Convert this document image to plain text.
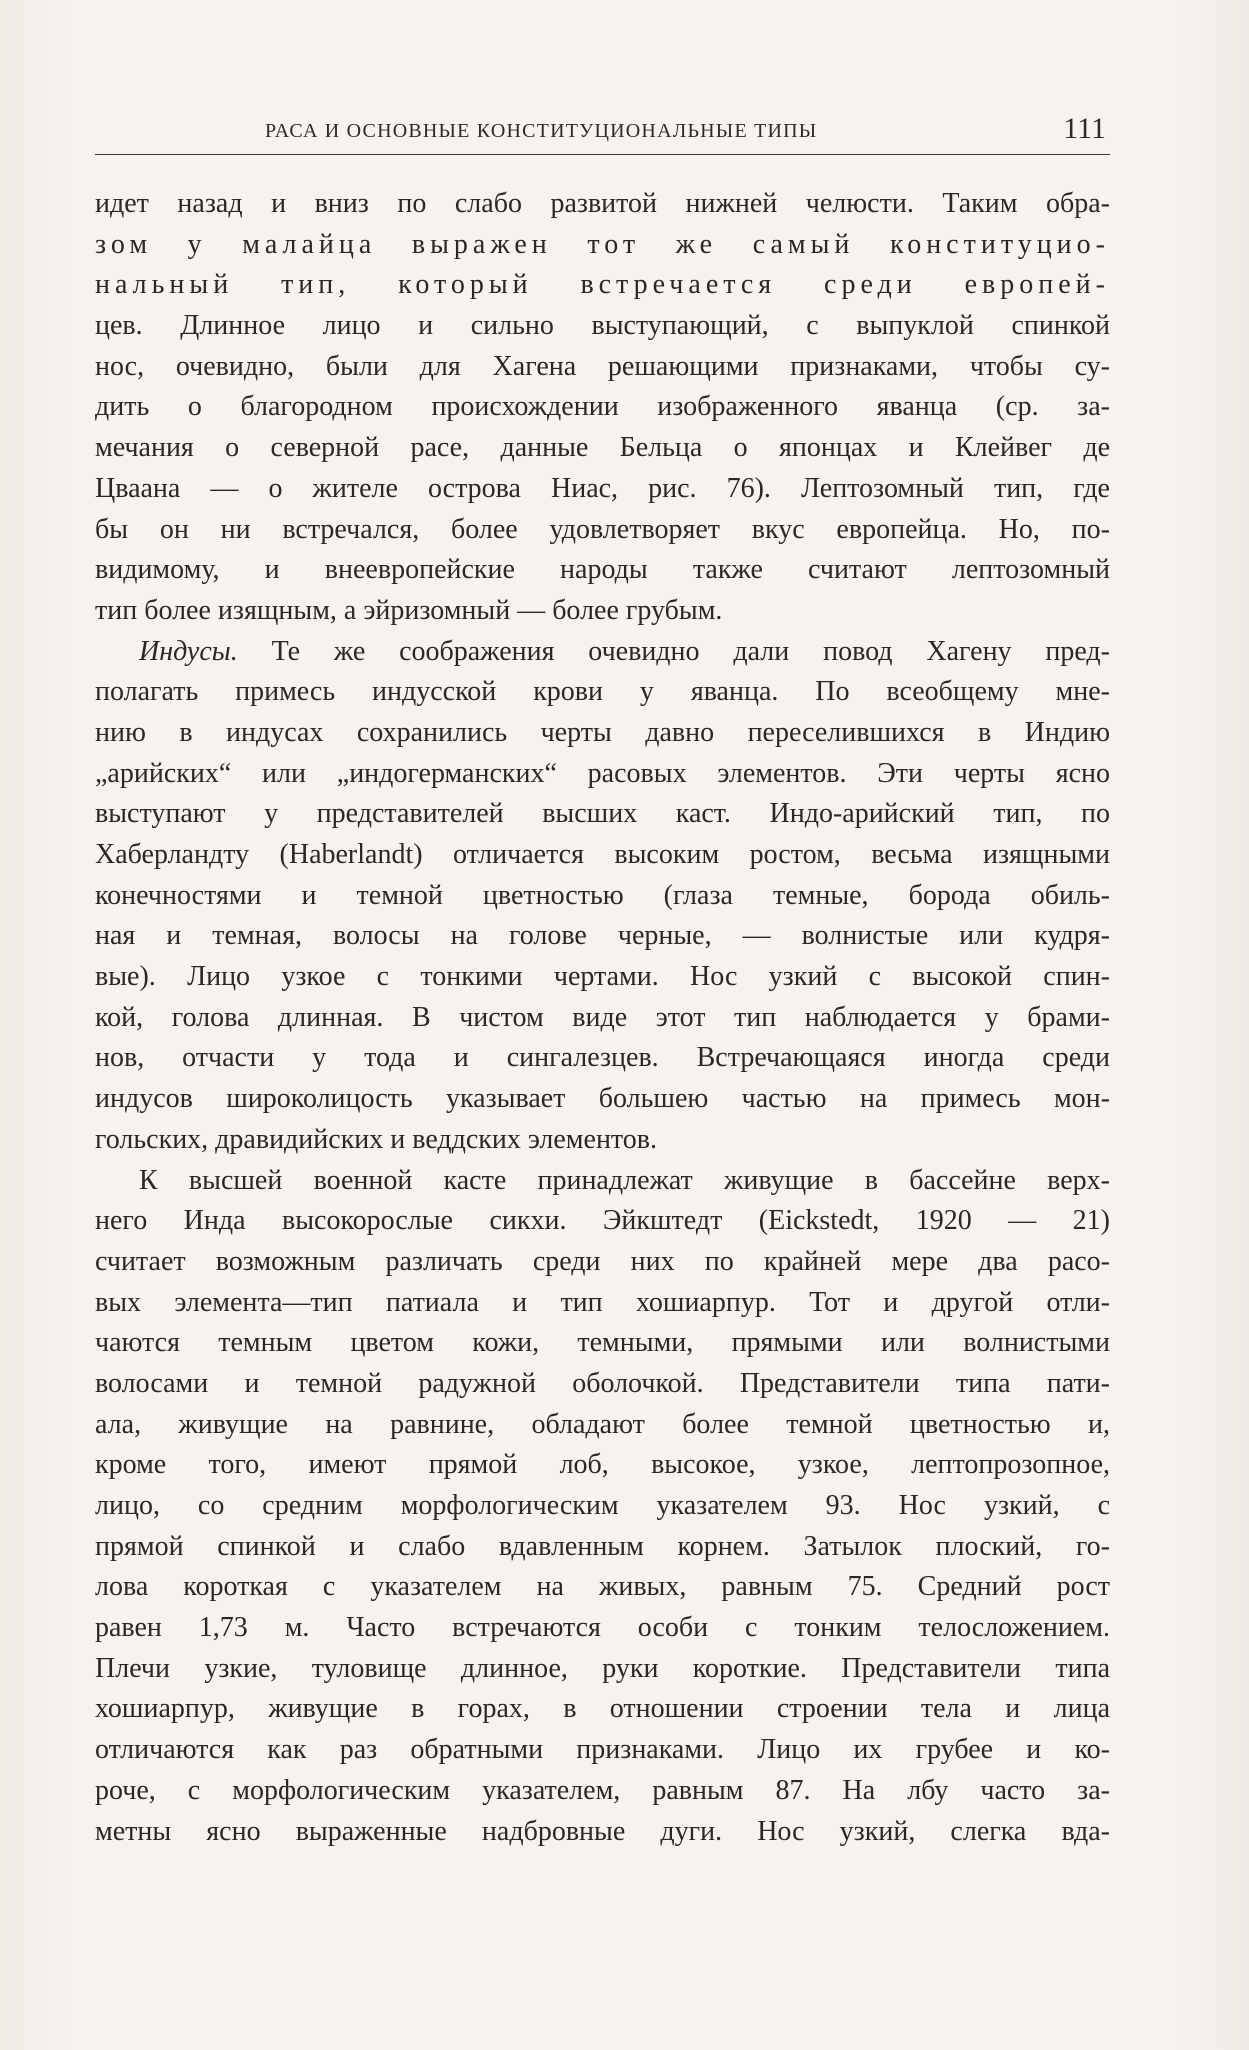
РАСА И ОСНОВНЫЕ КОНСТИТУЦИОНАЛЬНЫЕ ТИПЫ	111
идет назад и вниз по слабо развитой нижней челюсти. Таким обра-
зом у малайца выражен тот же самый конституцио-
нальный тип, который встречается среди европей-
цев. Длинное лицо и сильно выступающий, с выпуклой спинкой
нос, очевидно, были для Хагена решающими признаками, чтобы су-
дить о благородном происхождении изображенного яванца (ср. за-
мечания о северной расе, данные Бельца о японцах и Клейвег де
Цваана — о жителе острова Ниас, рис. 76). Лептозомный тип, где
бы он ни встречался, более удовлетворяет вкус европейца. Но, по-
видимому, и внеевропейские народы также считают лептозомный
тип более изящным, а эйризомный — более грубым.
Индусы. Те же соображения очевидно дали повод Хагену пред-
полагать примесь индусской крови у яванца. По всеобщему мне-
нию в индусах сохранились черты давно переселившихся в Индию
„арийских“ или „индогерманских“ расовых элементов. Эти черты ясно
выступают у представителей высших каст. Индо-арийский тип, по
Хаберландту (Haberlandt) отличается высоким ростом, весьма изящными
конечностями и темной цветностью (глаза темные, борода обиль-
ная и темная, волосы на голове черные, — волнистые или кудря-
вые). Лицо узкое с тонкими чертами. Нос узкий с высокой спин-
кой, голова длинная. В чистом виде этот тип наблюдается у брами-
нов, отчасти у тода и сингалезцев. Встречающаяся иногда среди
индусов широколицость указывает большею частью на примесь мон-
гольских, дравидийских и веддских элементов.
К высшей военной касте принадлежат живущие в бассейне верх-
него Инда высокорослые сикхи. Эйкштедт (Eickstedt, 1920 — 21)
считает возможным различать среди них по крайней мере два расо-
вых элемента—тип патиала и тип хошиарпур. Тот и другой отли-
чаются темным цветом кожи, темными, прямыми или волнистыми
волосами и темной радужной оболочкой. Представители типа пати-
ала, живущие на равнине, обладают более темной цветностью и,
кроме того, имеют прямой лоб, высокое, узкое, лептопрозопное,
лицо, со средним морфологическим указателем 93. Нос узкий, с
прямой спинкой и слабо вдавленным корнем. Затылок плоский, го-
лова короткая с указателем на живых, равным 75. Средний рост
равен 1,73 м. Часто встречаются особи с тонким телосложением.
Плечи узкие, туловище длинное, руки короткие. Представители типа
хошиарпур, живущие в горах, в отношении строении тела и лица
отличаются как раз обратными признаками. Лицо их грубее и ко-
роче, с морфологическим указателем, равным 87. На лбу часто за-
метны ясно выраженные надбровные дуги. Нос узкий, слегка вда-
